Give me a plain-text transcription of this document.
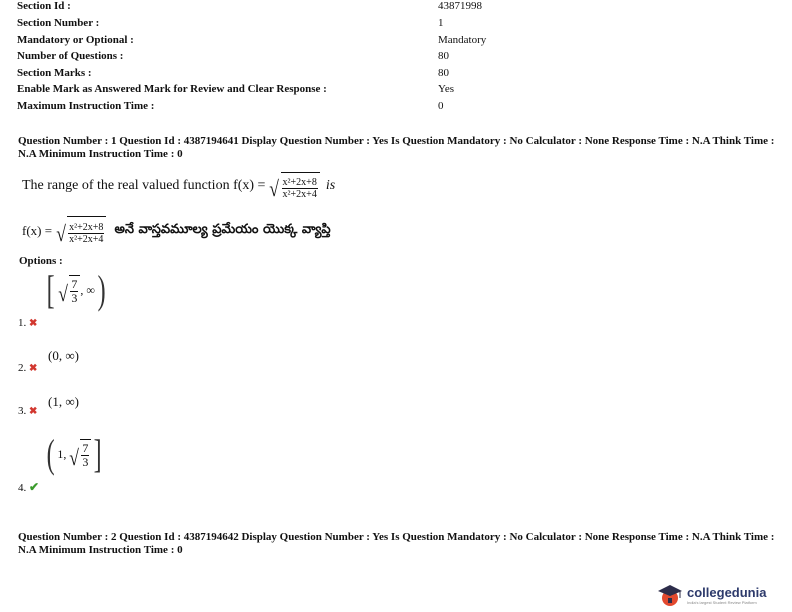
Section Id :	43871998
Section Number :	1
Mandatory or Optional :	Mandatory
Number of Questions :	80
Section Marks :	80
Enable Mark as Answered Mark for Review and Clear Response :	Yes
Maximum Instruction Time :	0
Question Number : 1 Question Id : 4387194641 Display Question Number : Yes Is Question Mandatory : No Calculator : None Response Time : N.A Think Time : N.A Minimum Instruction Time : 0
The range of the real valued function f(x) = √ $\frac{\text{x²+2x+8}}{\text{x²+2x+4}}$ is
f(x) = √ $\frac{\text{x²+2x+8}}{\text{x²+2x+4}}$ అనే వాస్తవమూల్య ప్రమేయం యొక్క వ్యాప్తి
Options :
[ √ $\frac{7}{3}$ , ∞ )
1. ✖
(0, ∞)
2. ✖
(1, ∞)
3. ✖
( 1, √ $\frac{7}{3}$ ]
4. ✔
Question Number : 2 Question Id : 4387194642 Display Question Number : Yes Is Question Mandatory : No Calculator : None Response Time : N.A Think Time : N.A Minimum Instruction Time : 0
collegedunia
India's largest Student Review Platform
